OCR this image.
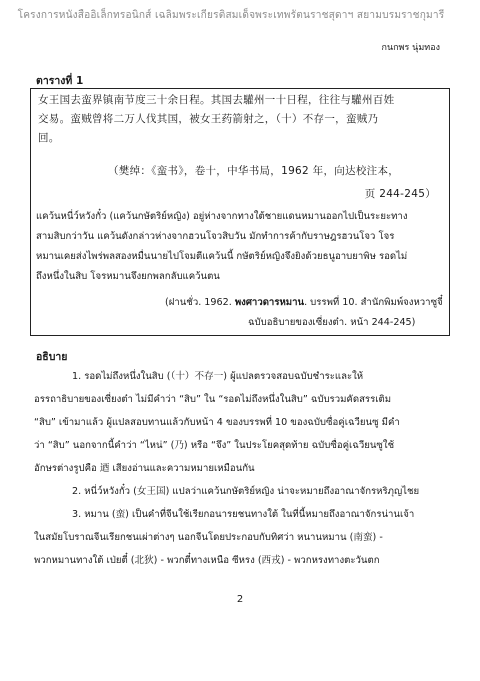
โครงการหนังสืออิเล็กทรอนิกส์ เฉลิมพระเกียรติสมเด็จพระเทพรัตนราชสุดาฯ สยามบรมราชกุมารี
กนกพร นุ่มทอง
ตารางที่ 1
女王国去蛮界镇南节度三十余日程。其国去驩州一十日程，往往与驩州百姓
交易。蛮贼曾将二万人伐其国，被女王药箭射之，（十）不存一，蛮贼乃
回。
（樊绰：《蛮书》，卷十，中华书局，1962 年，向达校注本，
页 244-245）
แคว้นหนี่ว์หวังกั๋ว (แคว้นกษัตริย์หญิง) อยู่ห่างจากทางใต้ชายแดนหมานออกไปเป็นระยะทาง
สามสิบกว่าวัน แคว้นดังกล่าวห่างจากฮวนโจวสิบวัน มักทำการค้ากับราษฎรฮวนโจว โจร
หมานเคยส่งไพร่พลสองหมื่นนายไปโจมตีแคว้นนี้ กษัตริย์หญิงจึงยิงด้วยธนูอาบยาพิษ รอดไม่
ถึงหนึ่งในสิบ โจรหมานจึงยกพลกลับแคว้นตน
(ฝานชั่ว. 1962. พงศาวดารหมาน. บรรพที่ 10. สำนักพิมพ์จงหวาซูจี๋
ฉบับอธิบายของเซี่ยงต๋า. หน้า 244-245)
อธิบาย
1. รอดไม่ถึงหนึ่งในสิบ (（十）不存一) ผู้แปลตรวจสอบฉบับชำระและให้
อรรถาธิบายของเซี่ยงต๋า ไม่มีคำว่า “สิบ” ใน “รอดไม่ถึงหนึ่งในสิบ” ฉบับรวมคัดสรรเติม
“สิบ” เข้ามาแล้ว ผู้แปลสอบทานแล้วกับหน้า 4 ของบรรพที่ 10 ของฉบับซื่อคู่เฉวียนซู มีคำ
ว่า “สิบ” นอกจากนี้คำว่า “ไหน่” (乃) หรือ “จึง” ในประโยคสุดท้าย ฉบับซื่อคู่เฉวียนซูใช้
อักษรต่างรูปคือ 迺 เสียงอ่านและความหมายเหมือนกัน
2. หนี่ว์หวังกั๋ว (女王国) แปลว่าแคว้นกษัตริย์หญิง น่าจะหมายถึงอาณาจักรหริภุญไชย
3. หมาน (蛮) เป็นคำที่จีนใช้เรียกอนารยชนทางใต้ ในที่นี้หมายถึงอาณาจักรน่านเจ้า
ในสมัยโบราณจีนเรียกชนเผ่าต่างๆ นอกจีนโดยประกอบกับทิศว่า หนานหมาน (南蛮) -
พวกหมานทางใต้ เป่ยตี๋ (北狄) - พวกตี๋ทางเหนือ ซีหรง (西戎) - พวกหรงทางตะวันตก
2
